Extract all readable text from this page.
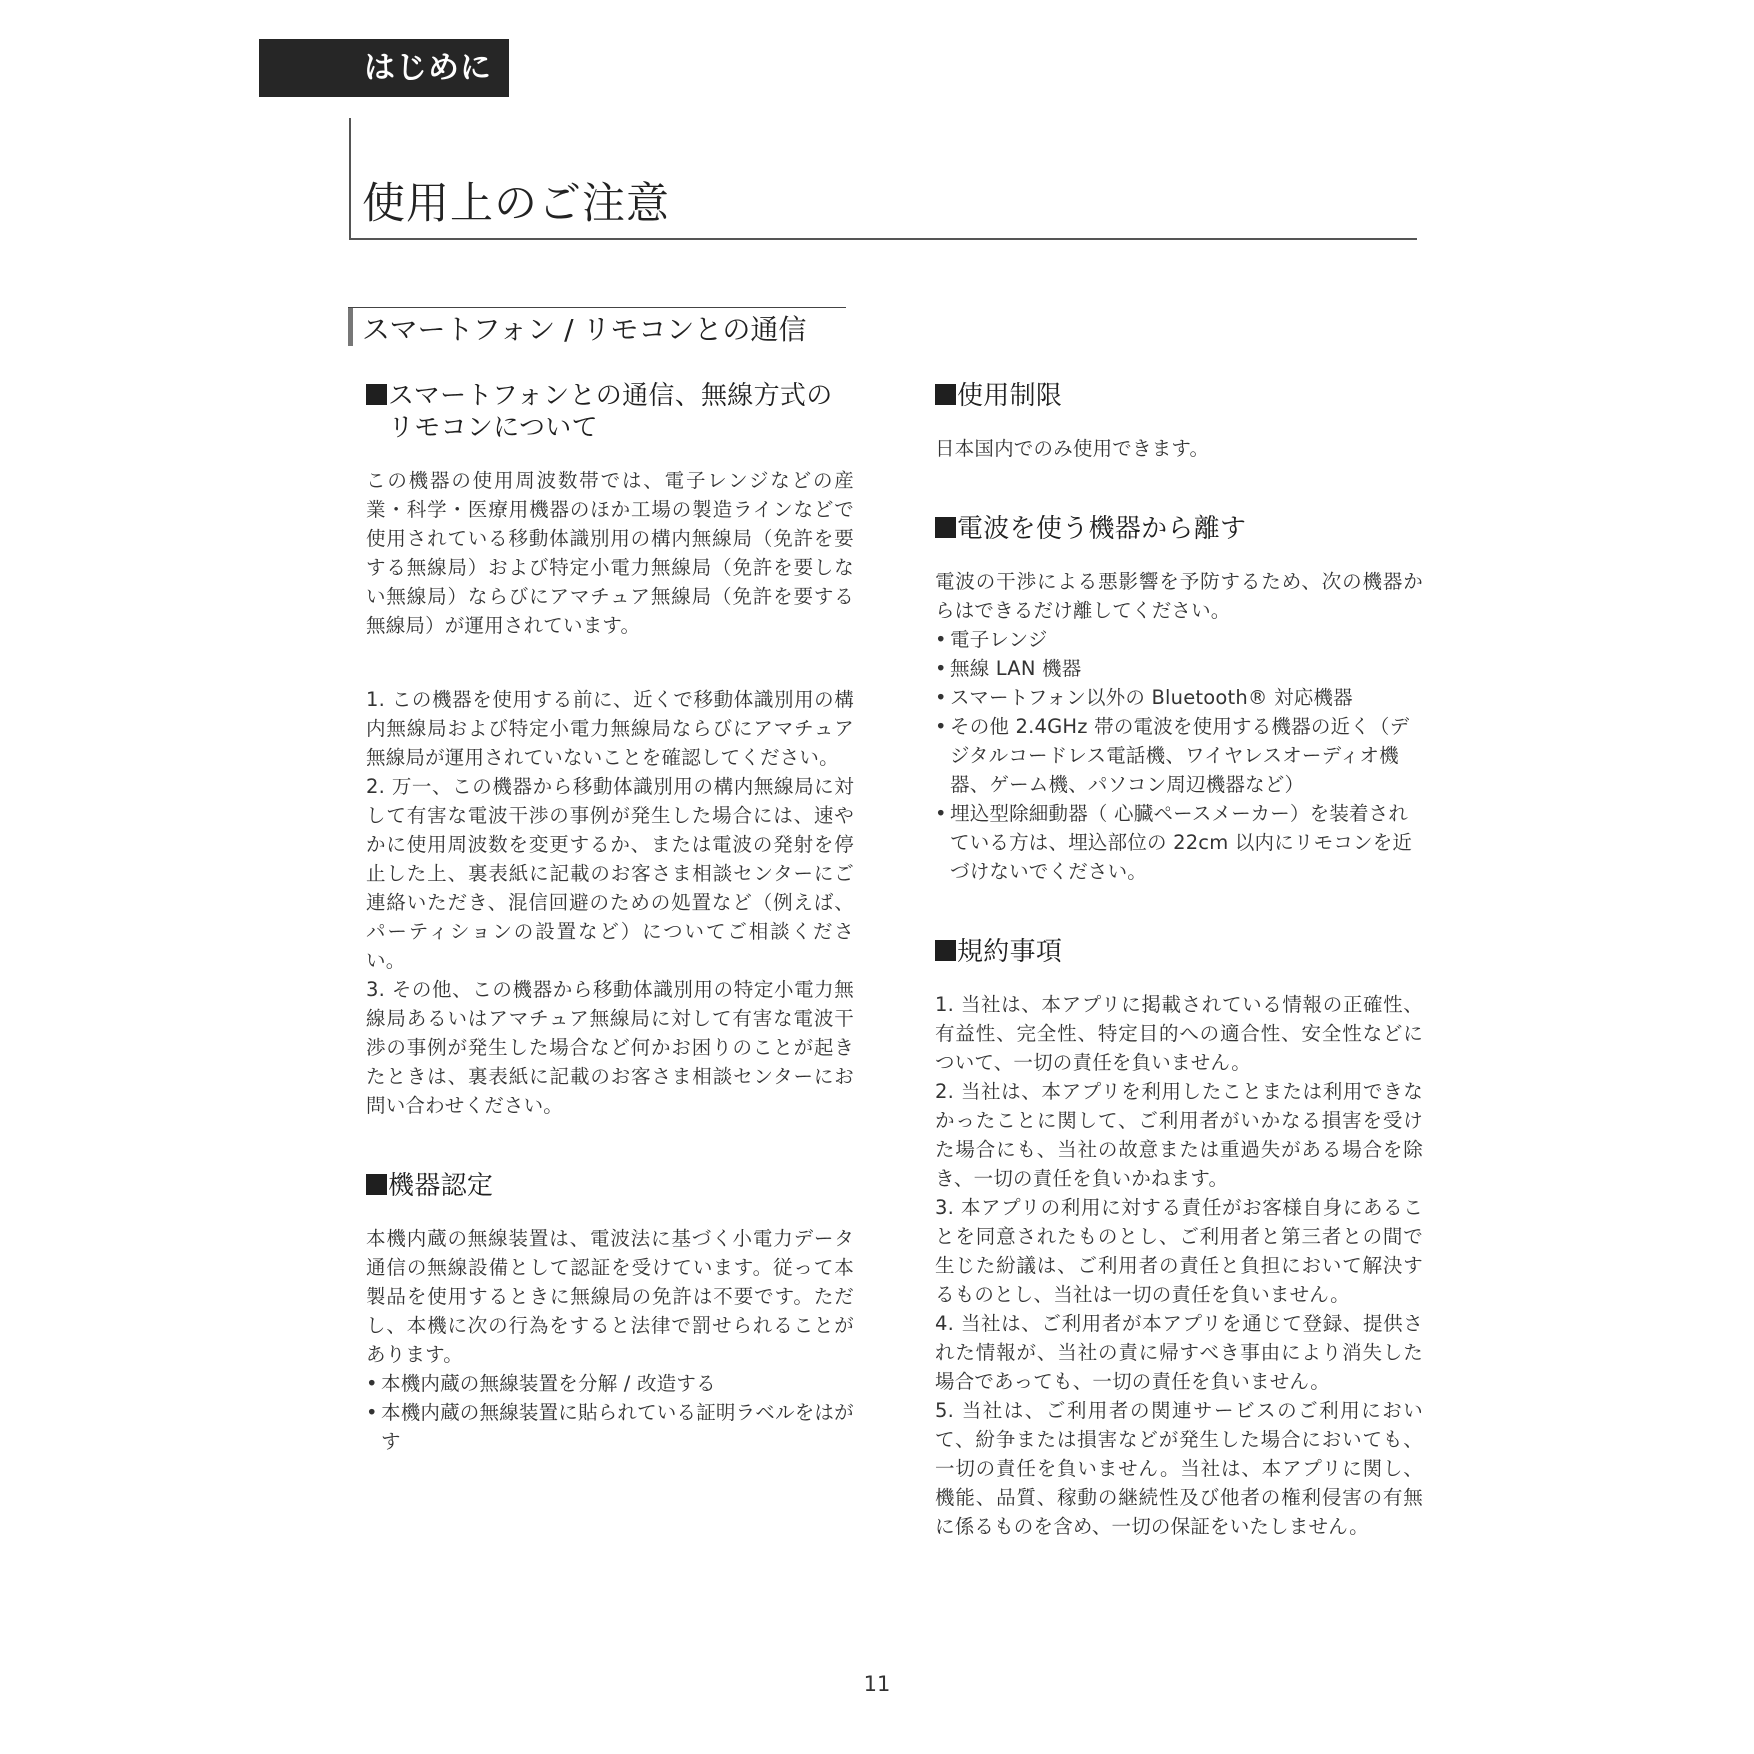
はじめに
使用上のご注意
スマートフォン / リモコンとの通信
スマートフォンとの通信、無線方式のリモコンについて

この機器の使用周波数帯では、電子レンジなどの産業・科学・医療用機器のほか工場の製造ラインなどで使用されている移動体識別用の構内無線局（免許を要する無線局）および特定小電力無線局（免許を要しない無線局）ならびにアマチュア無線局（免許を要する無線局）が運用されています。

1. この機器を使用する前に、近くで移動体識別用の構内無線局および特定小電力無線局ならびにアマチュア無線局が運用されていないことを確認してください。

2. 万一、この機器から移動体識別用の構内無線局に対して有害な電波干渉の事例が発生した場合には、速やかに使用周波数を変更するか、または電波の発射を停止した上、裏表紙に記載のお客さま相談センターにご連絡いただき、混信回避のための処置など（例えば、パーティションの設置など）についてご相談ください。

3. その他、この機器から移動体識別用の特定小電力無線局あるいはアマチュア無線局に対して有害な電波干渉の事例が発生した場合など何かお困りのことが起きたときは、裏表紙に記載のお客さま相談センターにお問い合わせください。

機器認定

本機内蔵の無線装置は、電波法に基づく小電力データ通信の無線設備として認証を受けています。従って本製品を使用するときに無線局の免許は不要です。ただし、本機に次の行為をすると法律で罰せられることがあります。

• 本機内蔵の無線装置を分解 / 改造する
• 本機内蔵の無線装置に貼られている証明ラベルをはがす
使用制限

日本国内でのみ使用できます。

電波を使う機器から離す

電波の干渉による悪影響を予防するため、次の機器からはできるだけ離してください。

• 電子レンジ
• 無線 LAN 機器
• スマートフォン以外の Bluetooth® 対応機器
• その他 2.4GHz 帯の電波を使用する機器の近く（デジタルコードレス電話機、ワイヤレスオーディオ機器、ゲーム機、パソコン周辺機器など）
• 埋込型除細動器（ 心臓ペースメーカー）を装着されている方は、埋込部位の 22cm 以内にリモコンを近づけないでください。
規約事項

1. 当社は、本アプリに掲載されている情報の正確性、有益性、完全性、特定目的への適合性、安全性などについて、一切の責任を負いません。

2. 当社は、本アプリを利用したことまたは利用できなかったことに関して、ご利用者がいかなる損害を受けた場合にも、当社の故意または重過失がある場合を除き、一切の責任を負いかねます。

3. 本アプリの利用に対する責任がお客様自身にあることを同意されたものとし、ご利用者と第三者との間で生じた紛議は、ご利用者の責任と負担において解決するものとし、当社は一切の責任を負いません。

4. 当社は、ご利用者が本アプリを通じて登録、提供された情報が、当社の責に帰すべき事由により消失した場合であっても、一切の責任を負いません。

5. 当社は、ご利用者の関連サービスのご利用において、紛争または損害などが発生した場合においても、一切の責任を負いません。当社は、本アプリに関し、機能、品質、稼動の継続性及び他者の権利侵害の有無に係るものを含め、一切の保証をいたしません。

11
